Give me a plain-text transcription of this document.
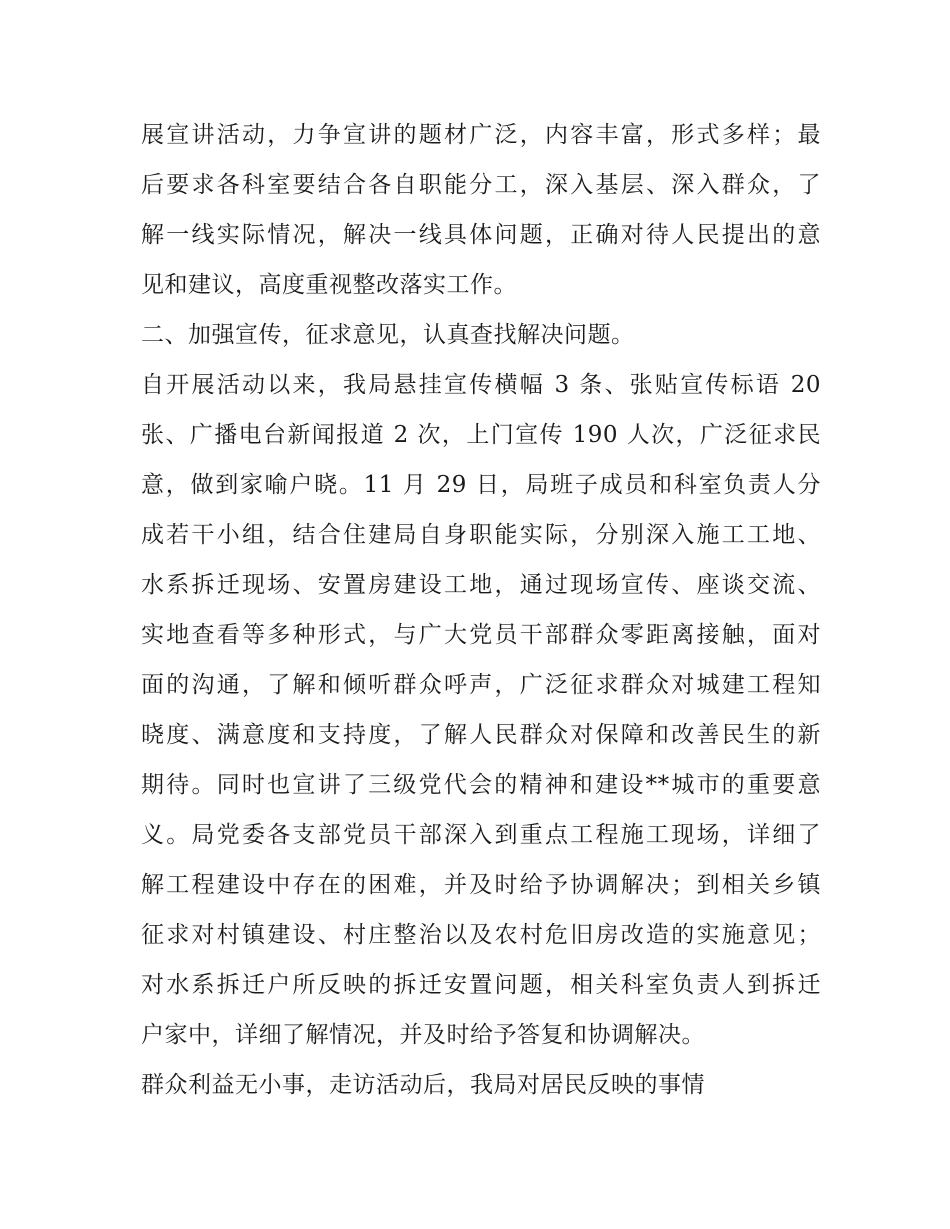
展宣讲活动，力争宣讲的题材广泛，内容丰富，形式多样；最
后要求各科室要结合各自职能分工，深入基层、深入群众，了
解一线实际情况，解决一线具体问题，正确对待人民提出的意
见和建议，高度重视整改落实工作。
二、加强宣传，征求意见，认真查找解决问题。
自开展活动以来，我局悬挂宣传横幅 3 条、张贴宣传标语 20
张、广播电台新闻报道 2 次，上门宣传 190 人次，广泛征求民
意，做到家喻户晓。11 月 29 日，局班子成员和科室负责人分
成若干小组，结合住建局自身职能实际，分别深入施工工地、
水系拆迁现场、安置房建设工地，通过现场宣传、座谈交流、
实地查看等多种形式，与广大党员干部群众零距离接触，面对
面的沟通，了解和倾听群众呼声，广泛征求群众对城建工程知
晓度、满意度和支持度，了解人民群众对保障和改善民生的新
期待。同时也宣讲了三级党代会的精神和建设**城市的重要意
义。局党委各支部党员干部深入到重点工程施工现场，详细了
解工程建设中存在的困难，并及时给予协调解决；到相关乡镇
征求对村镇建设、村庄整治以及农村危旧房改造的实施意见；
对水系拆迁户所反映的拆迁安置问题，相关科室负责人到拆迁
户家中，详细了解情况，并及时给予答复和协调解决。
群众利益无小事，走访活动后，我局对居民反映的事情
